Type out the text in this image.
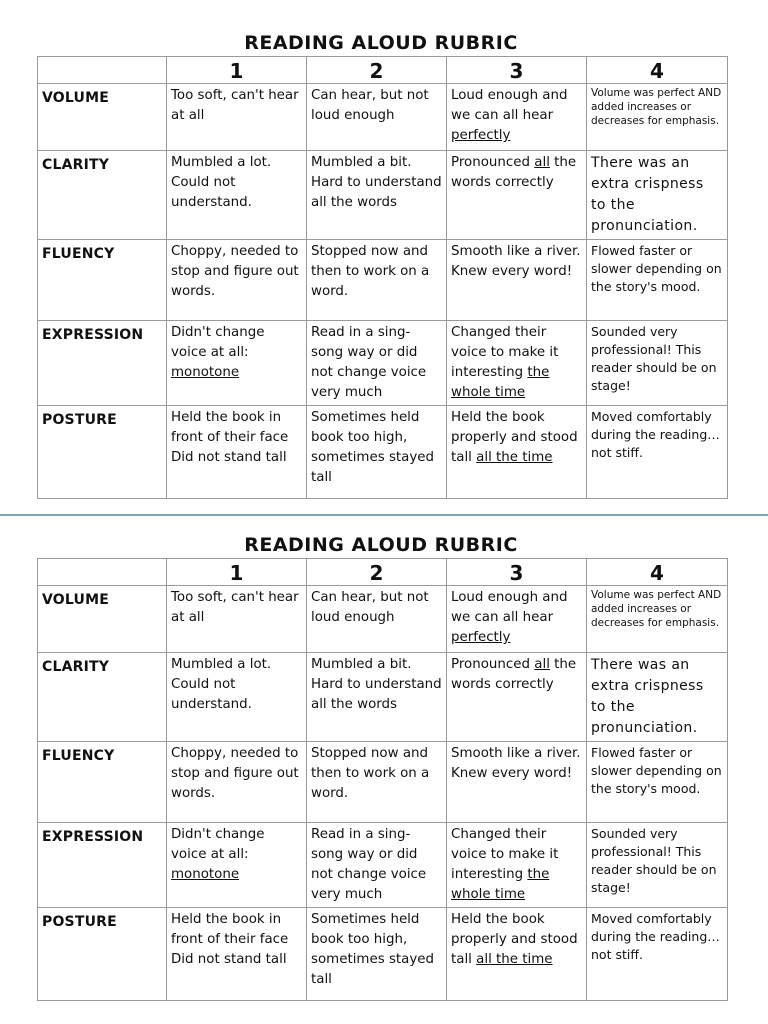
READING ALOUD RUBRIC
	1	2	3	4
VOLUME	Too soft, can't hear at all	Can hear, but not loud enough	Loud enough and we can all hear perfectly	Volume was perfect AND added increases or decreases for emphasis.
CLARITY	Mumbled a lot. Could not understand.	Mumbled a bit. Hard to understand all the words	Pronounced all the words correctly	There was an extra crispness to the pronunciation.
FLUENCY	Choppy, needed to stop and figure out words.	Stopped now and then to work on a word.	Smooth like a river. Knew every word!	Flowed faster or slower depending on the story's mood.
EXPRESSION	Didn't change voice at all: monotone	Read in a sing-song way or did not change voice very much	Changed their voice to make it interesting the whole time	Sounded very professional! This reader should be on stage!
POSTURE	Held the book in front of their face Did not stand tall	Sometimes held book too high, sometimes stayed tall	Held the book properly and stood tall all the time	Moved comfortably during the reading…not stiff.
READING ALOUD RUBRIC
	1	2	3	4
VOLUME	Too soft, can't hear at all	Can hear, but not loud enough	Loud enough and we can all hear perfectly	Volume was perfect AND added increases or decreases for emphasis.
CLARITY	Mumbled a lot. Could not understand.	Mumbled a bit. Hard to understand all the words	Pronounced all the words correctly	There was an extra crispness to the pronunciation.
FLUENCY	Choppy, needed to stop and figure out words.	Stopped now and then to work on a word.	Smooth like a river. Knew every word!	Flowed faster or slower depending on the story's mood.
EXPRESSION	Didn't change voice at all: monotone	Read in a sing-song way or did not change voice very much	Changed their voice to make it interesting the whole time	Sounded very professional! This reader should be on stage!
POSTURE	Held the book in front of their face Did not stand tall	Sometimes held book too high, sometimes stayed tall	Held the book properly and stood tall all the time	Moved comfortably during the reading…not stiff.
